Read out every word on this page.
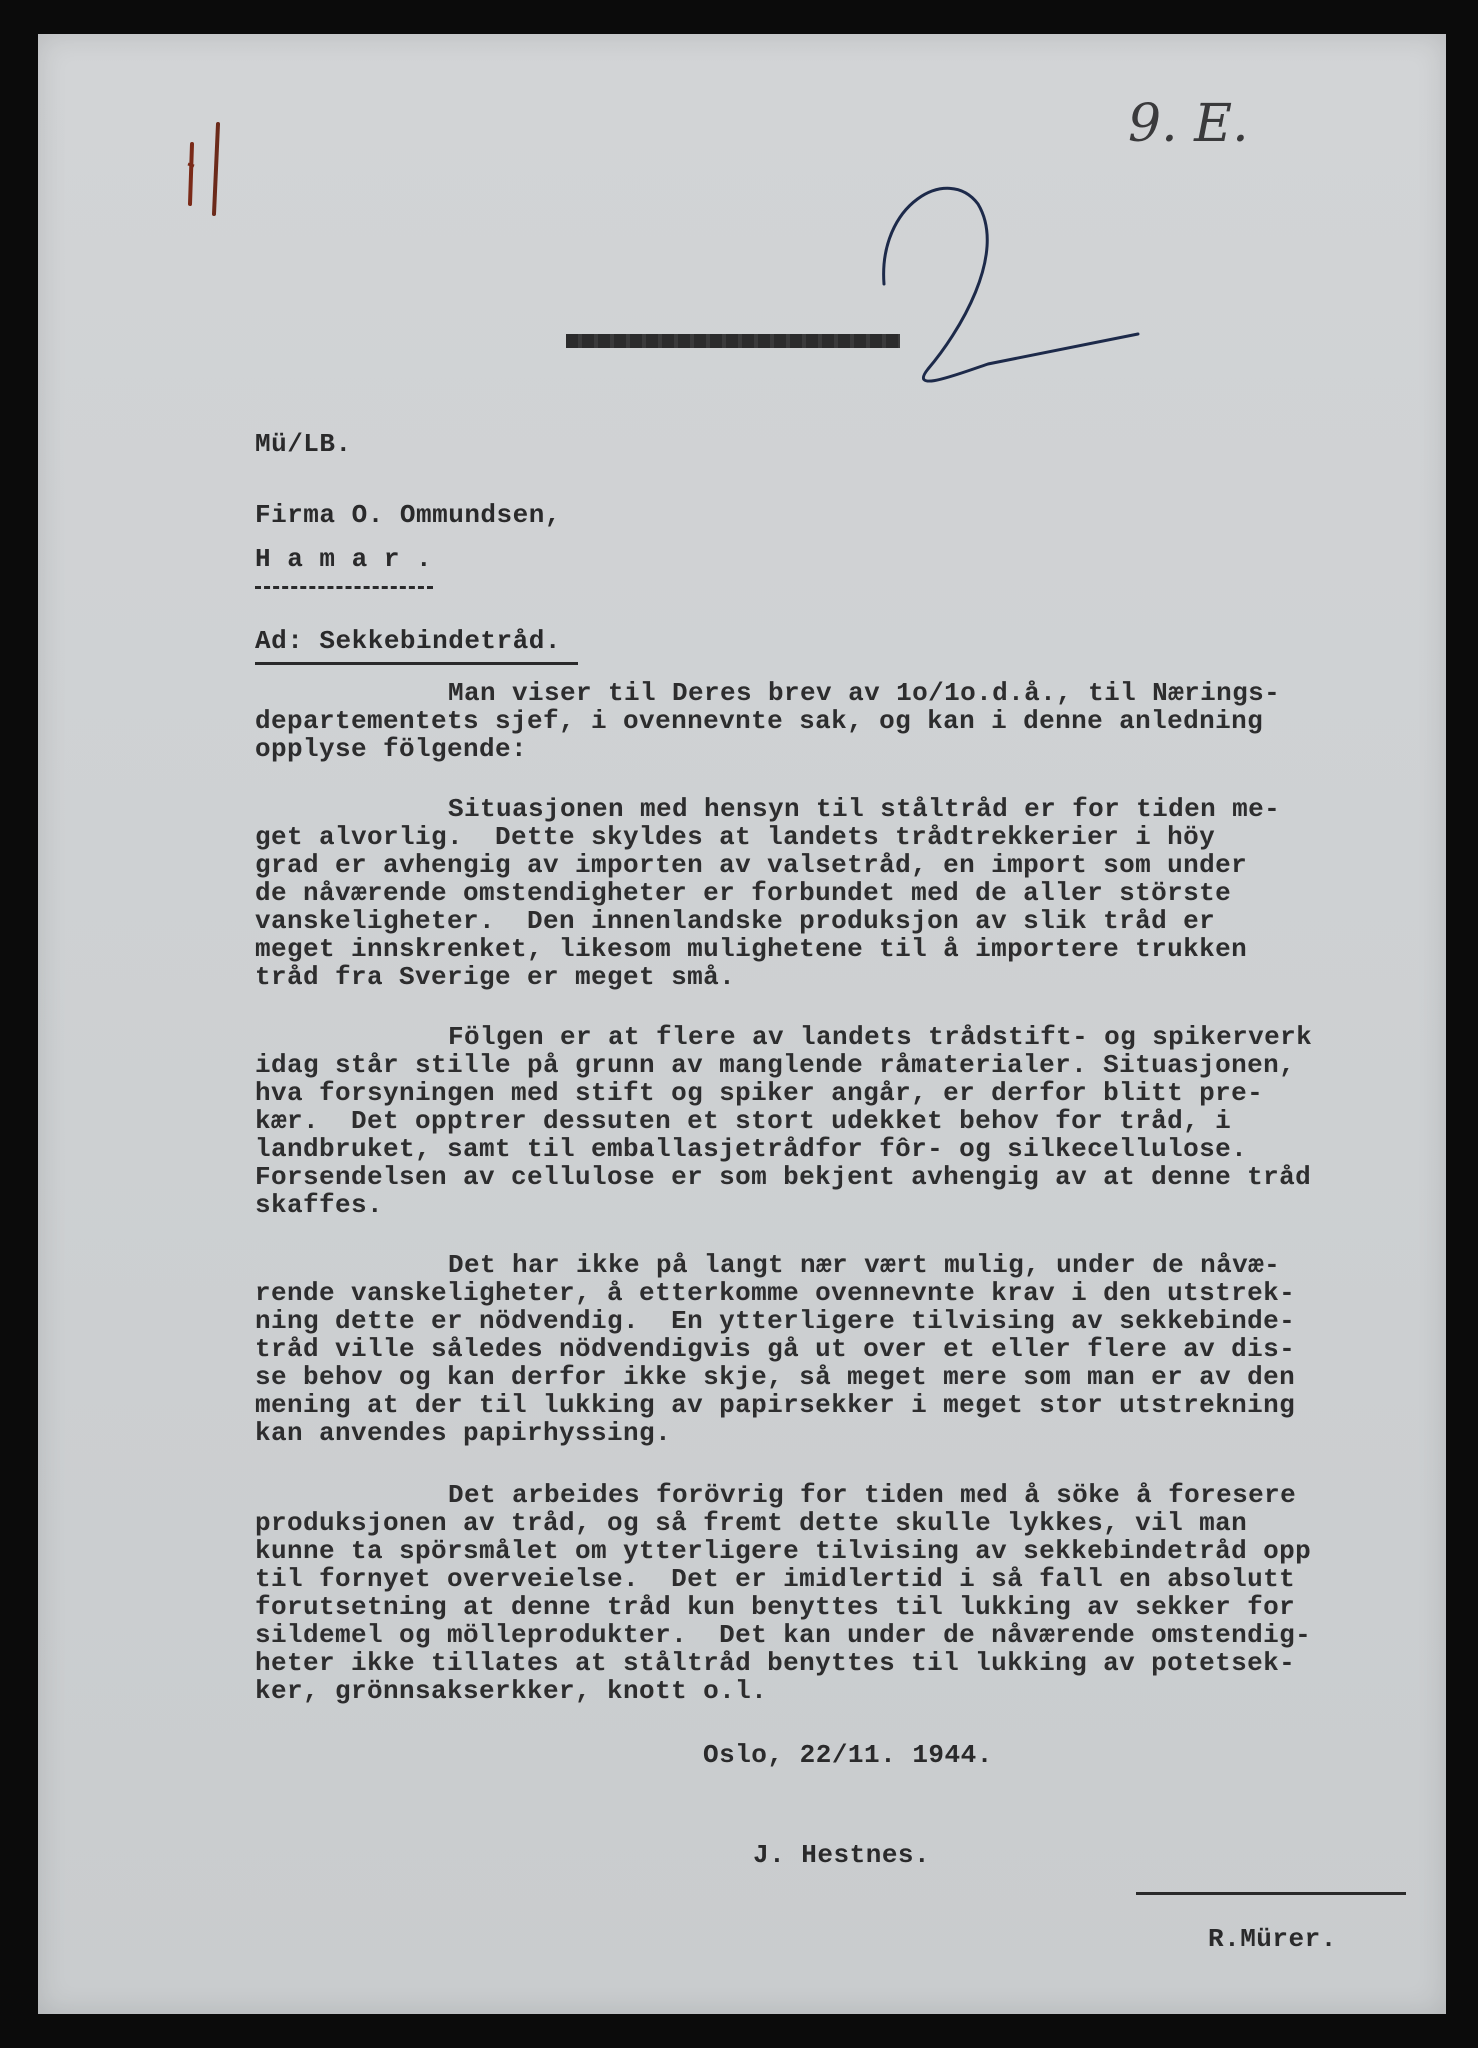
9. E.
Mü/LB.
Firma O. Ommundsen,
H a m a r .
Ad: Sekkebindetråd.
Man viser til Deres brev av 1o/1o.d.å., til Nærings-
departementets sjef, i ovennevnte sak, og kan i denne anledning
opplyse fölgende:
Situasjonen med hensyn til ståltråd er for tiden me-
get alvorlig.  Dette skyldes at landets trådtrekkerier i höy
grad er avhengig av importen av valsetråd, en import som under
de nåværende omstendigheter er forbundet med de aller störste
vanskeligheter.  Den innenlandske produksjon av slik tråd er
meget innskrenket, likesom mulighetene til å importere trukken
tråd fra Sverige er meget små.
Fölgen er at flere av landets trådstift- og spikerverk
idag står stille på grunn av manglende råmaterialer. Situasjonen,
hva forsyningen med stift og spiker angår, er derfor blitt pre-
kær.  Det opptrer dessuten et stort udekket behov for tråd, i
landbruket, samt til emballasjetrådfor fôr- og silkecellulose.
Forsendelsen av cellulose er som bekjent avhengig av at denne tråd
skaffes.
Det har ikke på langt nær vært mulig, under de nåvæ-
rende vanskeligheter, å etterkomme ovennevnte krav i den utstrek-
ning dette er nödvendig.  En ytterligere tilvising av sekkebinde-
tråd ville således nödvendigvis gå ut over et eller flere av dis-
se behov og kan derfor ikke skje, så meget mere som man er av den
mening at der til lukking av papirsekker i meget stor utstrekning
kan anvendes papirhyssing.
Det arbeides forövrig for tiden med å söke å foresere
produksjonen av tråd, og så fremt dette skulle lykkes, vil man
kunne ta spörsmålet om ytterligere tilvising av sekkebindetråd opp
til fornyet overveielse.  Det er imidlertid i så fall en absolutt
forutsetning at denne tråd kun benyttes til lukking av sekker for
sildemel og mölleprodukter.  Det kan under de nåværende omstendig-
heter ikke tillates at ståltråd benyttes til lukking av potetsek-
ker, grönnsakserkker, knott o.l.
Oslo, 22/11. 1944.
J. Hestnes.
R.Mürer.
